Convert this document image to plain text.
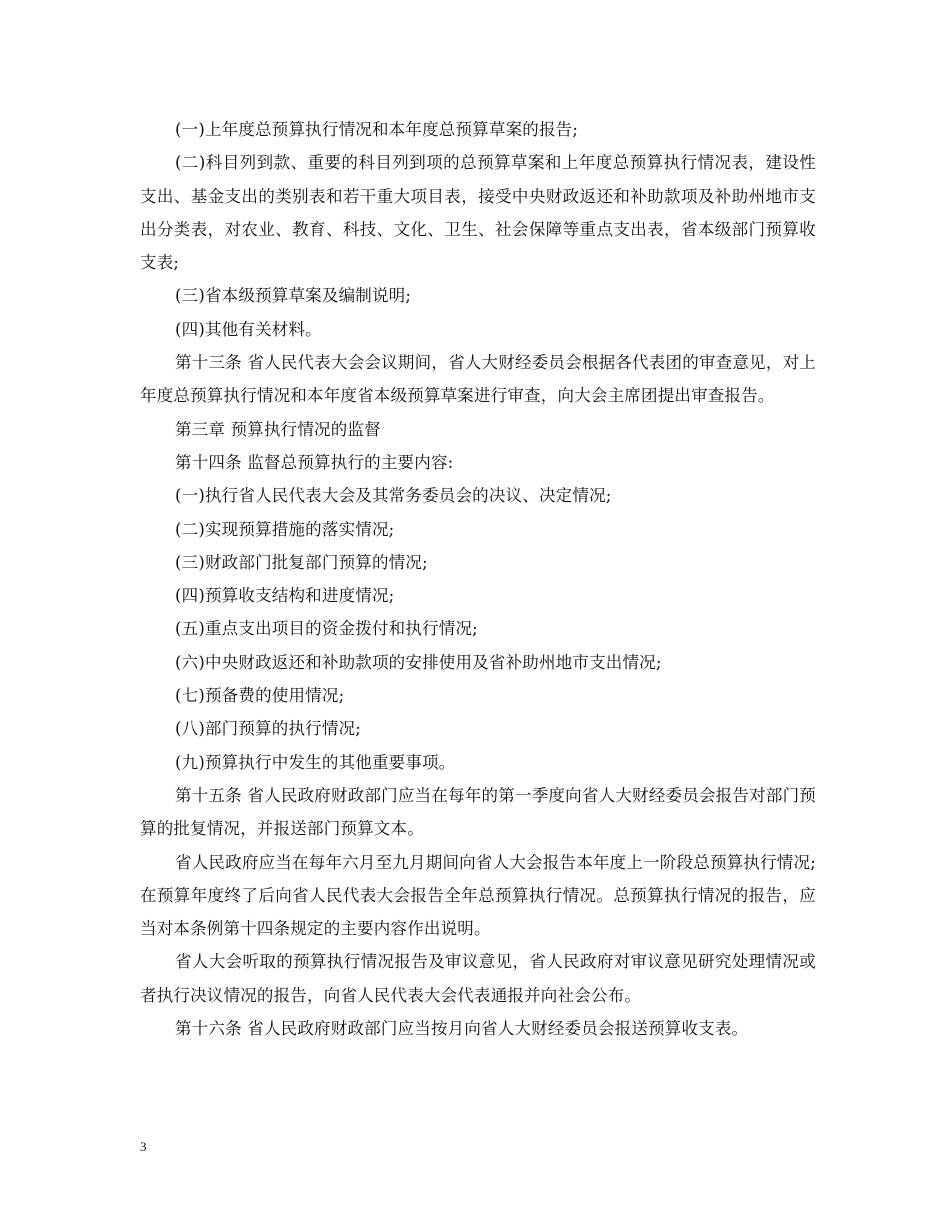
(一)上年度总预算执行情况和本年度总预算草案的报告;

(二)科目列到款、重要的科目列到项的总预算草案和上年度总预算执行情况表，建设性支出、基金支出的类别表和若干重大项目表，接受中央财政返还和补助款项及补助州地市支出分类表，对农业、教育、科技、文化、卫生、社会保障等重点支出表，省本级部门预算收支表;

(三)省本级预算草案及编制说明;

(四)其他有关材料。

第十三条 省人民代表大会会议期间，省人大财经委员会根据各代表团的审查意见，对上年度总预算执行情况和本年度省本级预算草案进行审查，向大会主席团提出审查报告。

第三章 预算执行情况的监督

第十四条 监督总预算执行的主要内容:

(一)执行省人民代表大会及其常务委员会的决议、决定情况;

(二)实现预算措施的落实情况;

(三)财政部门批复部门预算的情况;

(四)预算收支结构和进度情况;

(五)重点支出项目的资金拨付和执行情况;

(六)中央财政返还和补助款项的安排使用及省补助州地市支出情况;

(七)预备费的使用情况;

(八)部门预算的执行情况;

(九)预算执行中发生的其他重要事项。

第十五条 省人民政府财政部门应当在每年的第一季度向省人大财经委员会报告对部门预算的批复情况，并报送部门预算文本。

省人民政府应当在每年六月至九月期间向省人大会报告本年度上一阶段总预算执行情况;在预算年度终了后向省人民代表大会报告全年总预算执行情况。总预算执行情况的报告，应当对本条例第十四条规定的主要内容作出说明。

省人大会听取的预算执行情况报告及审议意见，省人民政府对审议意见研究处理情况或者执行决议情况的报告，向省人民代表大会代表通报并向社会公布。

第十六条 省人民政府财政部门应当按月向省人大财经委员会报送预算收支表。

3
